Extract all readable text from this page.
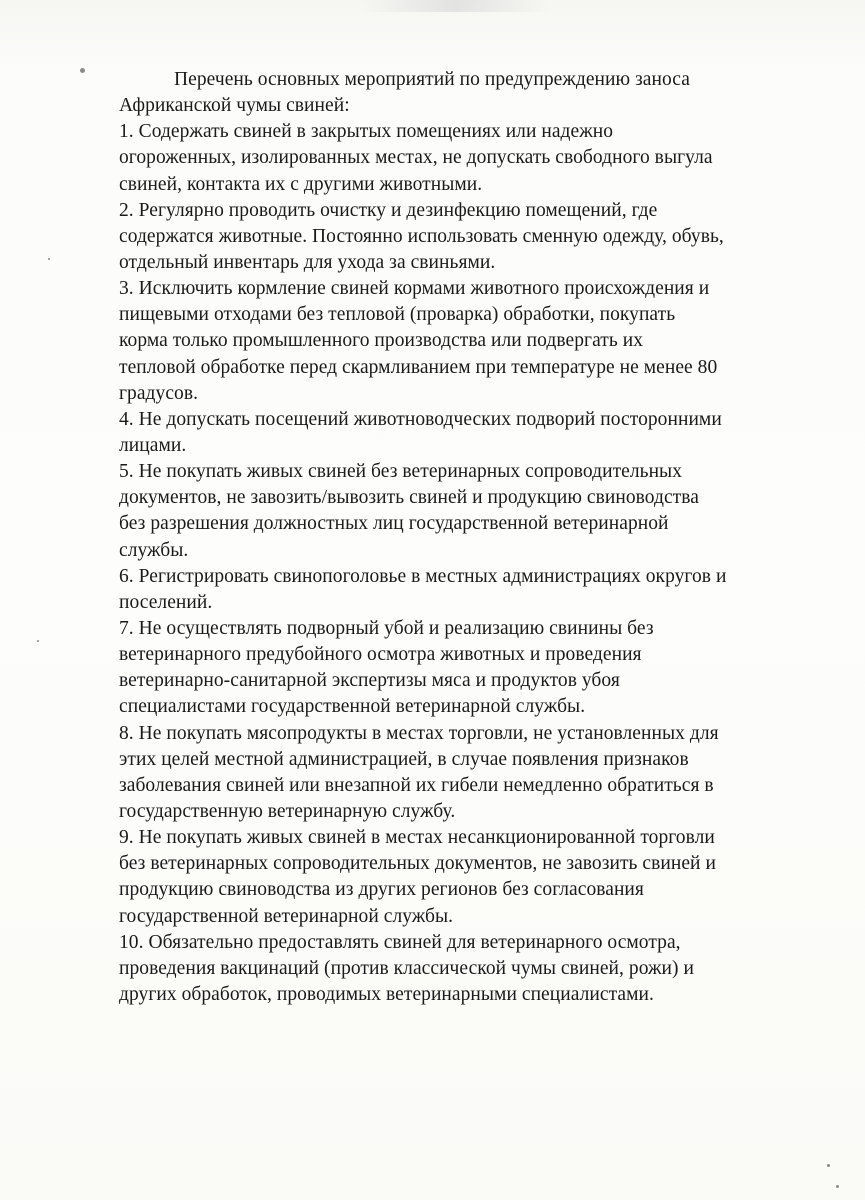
Перечень основных мероприятий по предупреждению заноса
Африканской чумы свиней:
1. Содержать свиней в закрытых помещениях или надежно
огороженных, изолированных местах, не допускать свободного выгула
свиней, контакта их с другими животными.
2. Регулярно проводить очистку и дезинфекцию помещений, где
содержатся животные. Постоянно использовать сменную одежду, обувь,
отдельный инвентарь для ухода за свиньями.
3. Исключить кормление свиней кормами животного происхождения и
пищевыми отходами без тепловой (проварка) обработки, покупать
корма только промышленного производства или подвергать их
тепловой обработке перед скармливанием при температуре не менее 80
градусов.
4. Не допускать посещений животноводческих подворий посторонними
лицами.
5. Не покупать живых свиней без ветеринарных сопроводительных
документов, не завозить/вывозить свиней и продукцию свиноводства
без разрешения должностных лиц государственной ветеринарной
службы.
6. Регистрировать свинопоголовье в местных администрациях округов и
поселений.
7. Не осуществлять подворный убой и реализацию свинины без
ветеринарного предубойного осмотра животных и проведения
ветеринарно-санитарной экспертизы мяса и продуктов убоя
специалистами государственной ветеринарной службы.
8. Не покупать мясопродукты в местах торговли, не установленных для
этих целей местной администрацией, в случае появления признаков
заболевания свиней или внезапной их гибели немедленно обратиться в
государственную ветеринарную службу.
9. Не покупать живых свиней в местах несанкционированной торговли
без ветеринарных сопроводительных документов, не завозить свиней и
продукцию свиноводства из других регионов без согласования
государственной ветеринарной службы.
10. Обязательно предоставлять свиней для ветеринарного осмотра,
проведения вакцинаций (против классической чумы свиней, рожи) и
других обработок, проводимых ветеринарными специалистами.
